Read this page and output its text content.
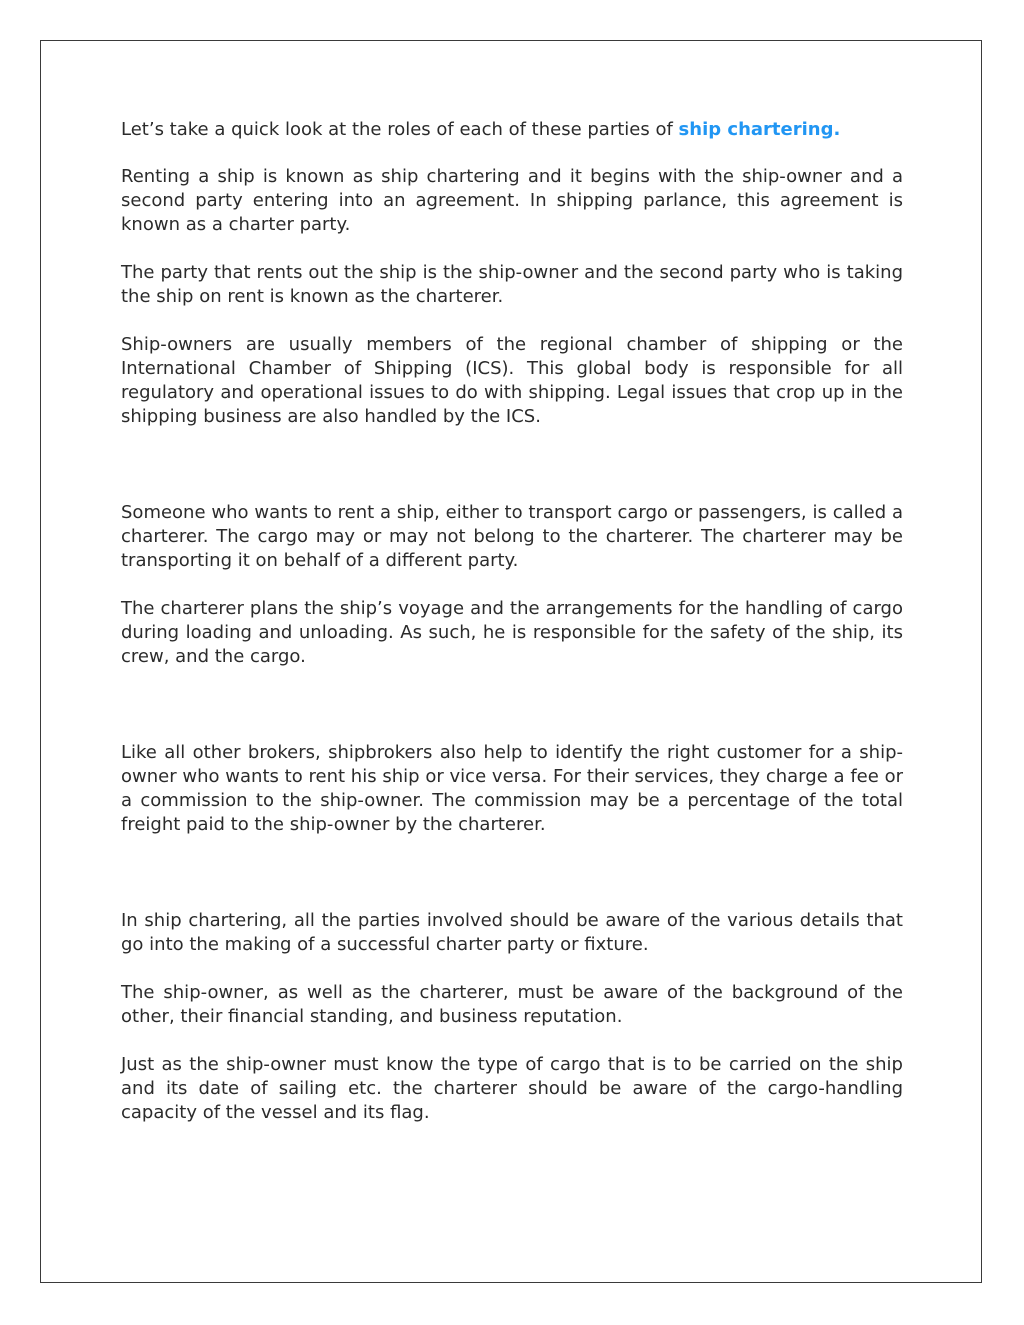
Let’s take a quick look at the roles of each of these parties of ship chartering.

Renting a ship is known as ship chartering and it begins with the ship-owner and a second party entering into an agreement. In shipping parlance, this agreement is known as a charter party.

The party that rents out the ship is the ship-owner and the second party who is taking the ship on rent is known as the charterer.

Ship-owners are usually members of the regional chamber of shipping or the International Chamber of Shipping (ICS). This global body is responsible for all regulatory and operational issues to do with shipping. Legal issues that crop up in the shipping business are also handled by the ICS.

Someone who wants to rent a ship, either to transport cargo or passengers, is called a charterer. The cargo may or may not belong to the charterer. The charterer may be transporting it on behalf of a different party.

The charterer plans the ship’s voyage and the arrangements for the handling of cargo during loading and unloading. As such, he is responsible for the safety of the ship, its crew, and the cargo.

Like all other brokers, shipbrokers also help to identify the right customer for a ship-owner who wants to rent his ship or vice versa. For their services, they charge a fee or a commission to the ship-owner. The commission may be a percentage of the total freight paid to the ship-owner by the charterer.

In ship chartering, all the parties involved should be aware of the various details that go into the making of a successful charter party or fixture.

The ship-owner, as well as the charterer, must be aware of the background of the other, their financial standing, and business reputation.

Just as the ship-owner must know the type of cargo that is to be carried on the ship and its date of sailing etc. the charterer should be aware of the cargo-handling capacity of the vessel and its flag.
